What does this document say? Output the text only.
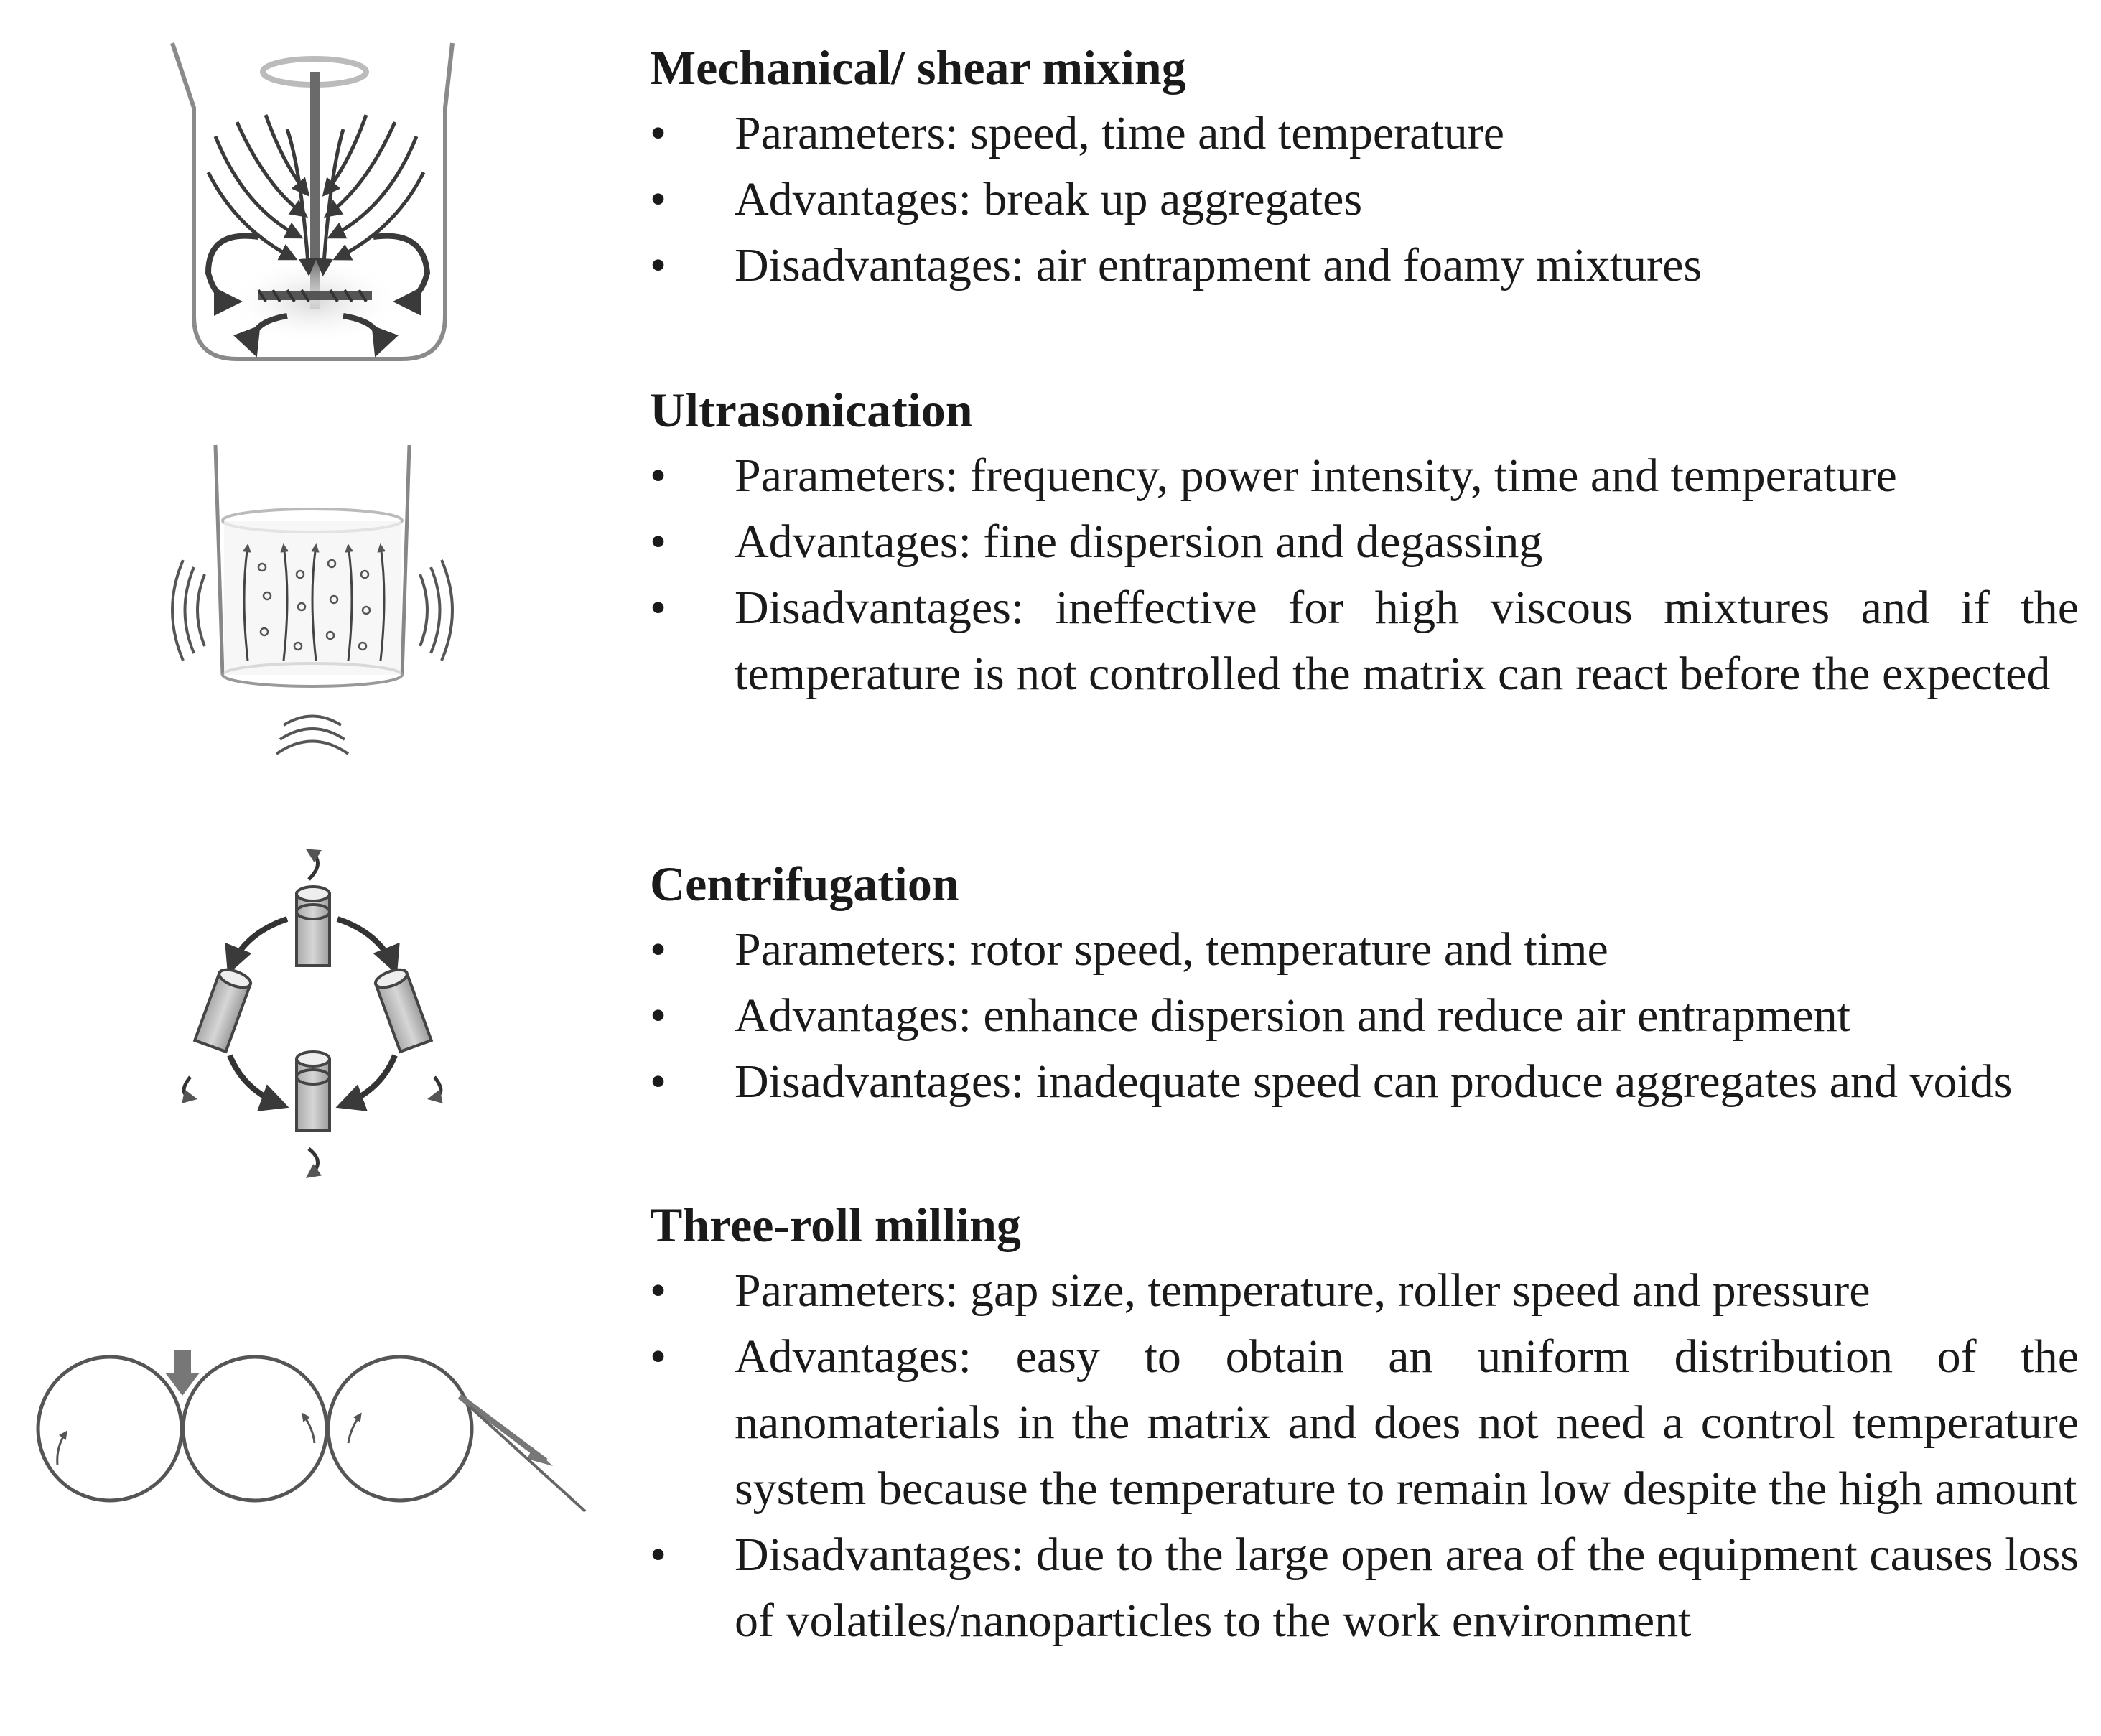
Mechanical/ shear mixing
•	Parameters: speed, time and temperature
•	Advantages: break up aggregates
•	Disadvantages: air entrapment and foamy mixtures
Ultrasonication
•	Parameters: frequency, power intensity, time and temperature
•	Advantages: fine dispersion and degassing
•	Disadvantages: ineffective for high viscous mixtures and if the temperature is not controlled the matrix can react before the expected
Centrifugation
•	Parameters: rotor speed, temperature and time
•	Advantages: enhance dispersion and reduce air entrapment
•	Disadvantages: inadequate speed can produce aggregates and voids
Three-roll milling
•	Parameters: gap size, temperature, roller speed and pressure
•	Advantages: easy to obtain an uniform distribution of the nanomaterials in the matrix and does not need a control temperature system because the temperature to remain low despite the high amount
•	Disadvantages: due to the large open area of the equipment causes loss of volatiles/nanoparticles to the work environment
